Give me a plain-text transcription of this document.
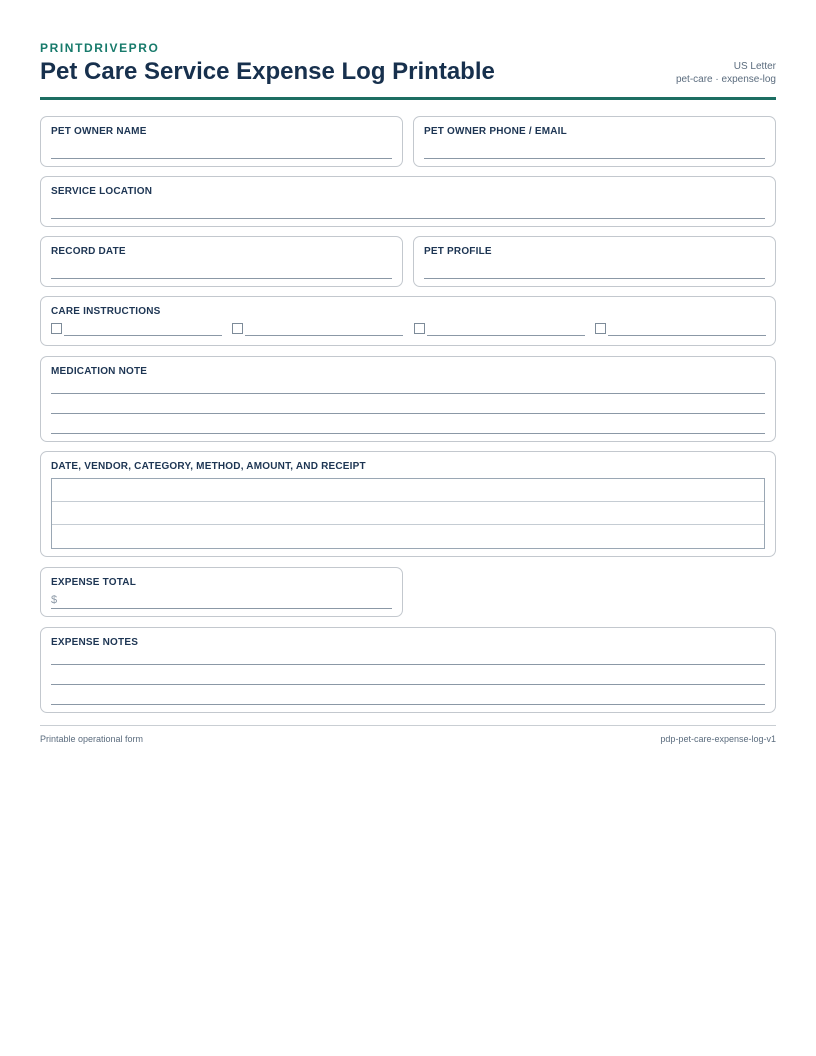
PRINTDRIVEPRO
Pet Care Service Expense Log Printable	US Letter
pet-care · expense-log
PET OWNER NAME	PET OWNER PHONE / EMAIL
SERVICE LOCATION
RECORD DATE	PET PROFILE
CARE INSTRUCTIONS
MEDICATION NOTE
DATE, VENDOR, CATEGORY, METHOD, AMOUNT, AND RECEIPT
EXPENSE TOTAL
$
EXPENSE NOTES
Printable operational form	pdp-pet-care-expense-log-v1
